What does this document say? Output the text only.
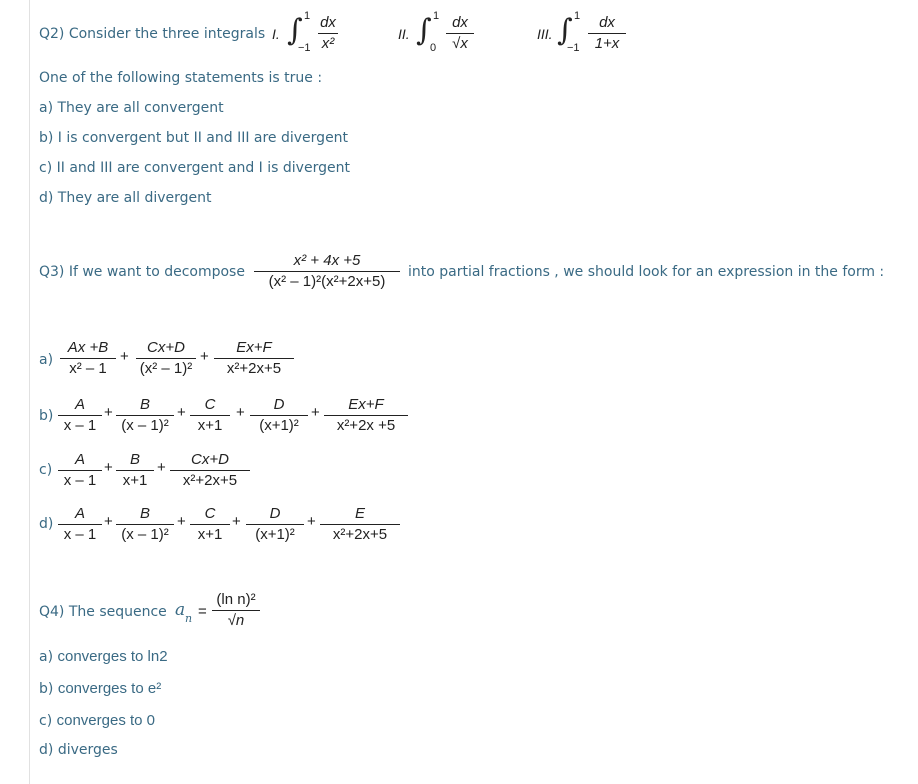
Q2) Consider the three integrals I. ∫ 1
−1
dx
x²
II. ∫ 1
0
dx
√x
III. ∫ 1
−1
dx
1+x
One of the following statements is true :
a) They are all convergent
b) I is convergent but II and III are divergent
c) II and III are convergent and I is divergent
d) They are all divergent
Q3) If we want to decompose
x² + 4x +5
(x² – 1)²(x²+2x+5)
into partial fractions , we should look for an expression in the form :
a)
Ax +B
x² – 1
+
Cx+D
(x² – 1)²
+
Ex+F
x²+2x+5
b)
A
x – 1
+	B
(x – 1)²
+	C
x+1
+	D
(x+1)²
+	Ex+F
x²+2x +5
c)
A
x – 1
+	B
x+1
+	Cx+D
x²+2x+5
d)
A
x – 1
+	B
(x – 1)²
+	C
x+1
+	D
(x+1)²
+	E
x²+2x+5
Q4) The sequence a n =
(ln n)²
√n
a) converges to ln2
b) converges to e²
c) converges to 0
d) diverges
